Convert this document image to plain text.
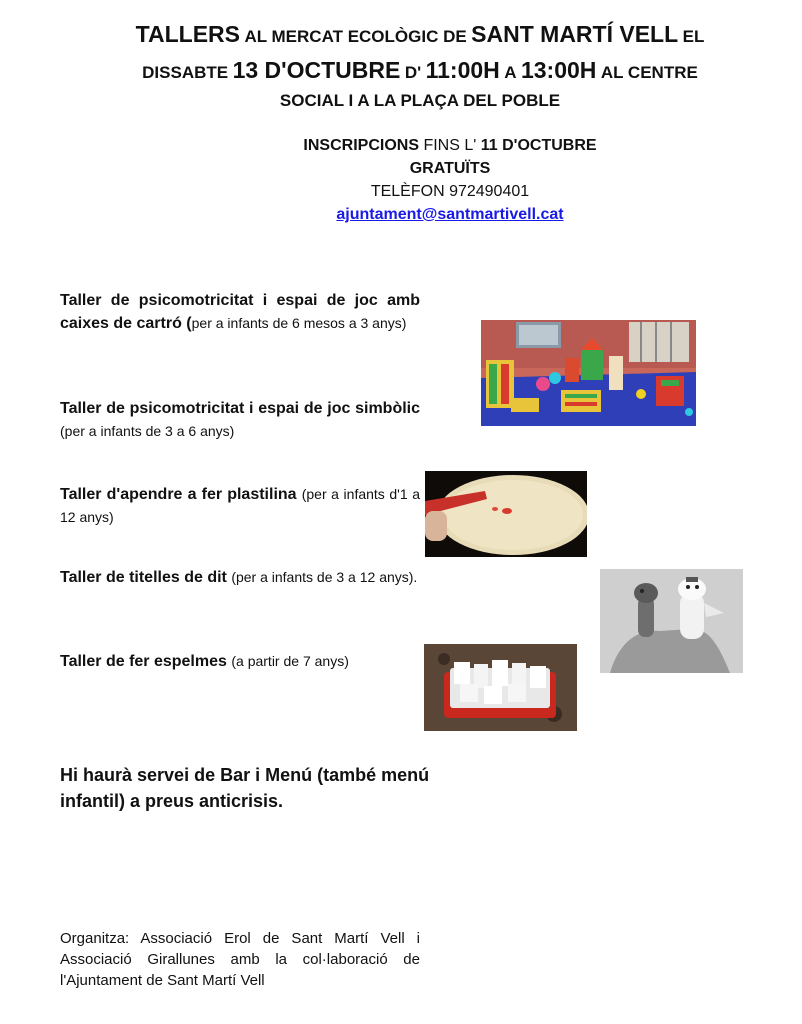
TALLERS AL MERCAT ECOLÒGIC DE SANT MARTÍ VELL EL
DISSABTE 13 D'OCTUBRE D' 11:00H A 13:00H AL CENTRE
SOCIAL I A LA PLAÇA DEL POBLE
INSCRIPCIONS FINS L' 11 D'OCTUBRE
GRATUÏTS
TELÈFON 972490401
ajuntament@santmartivell.cat
Taller de psicomotricitat i espai de joc amb caixes de cartró (per a infants de 6 mesos a 3 anys)
Taller de psicomotricitat i espai de joc simbòlic (per a infants de 3 a 6 anys)
Taller d'apendre a fer plastilina (per a infants d'1 a 12 anys)
Taller de titelles de dit (per a infants de 3 a 12 anys).
Taller de fer espelmes (a partir de 7 anys)
Hi haurà servei de Bar i Menú (també menú infantil) a preus anticrisis.
Organitza: Associació Erol de Sant Martí Vell i Associació Girallunes amb la col·laboració de l'Ajuntament de Sant Martí Vell
